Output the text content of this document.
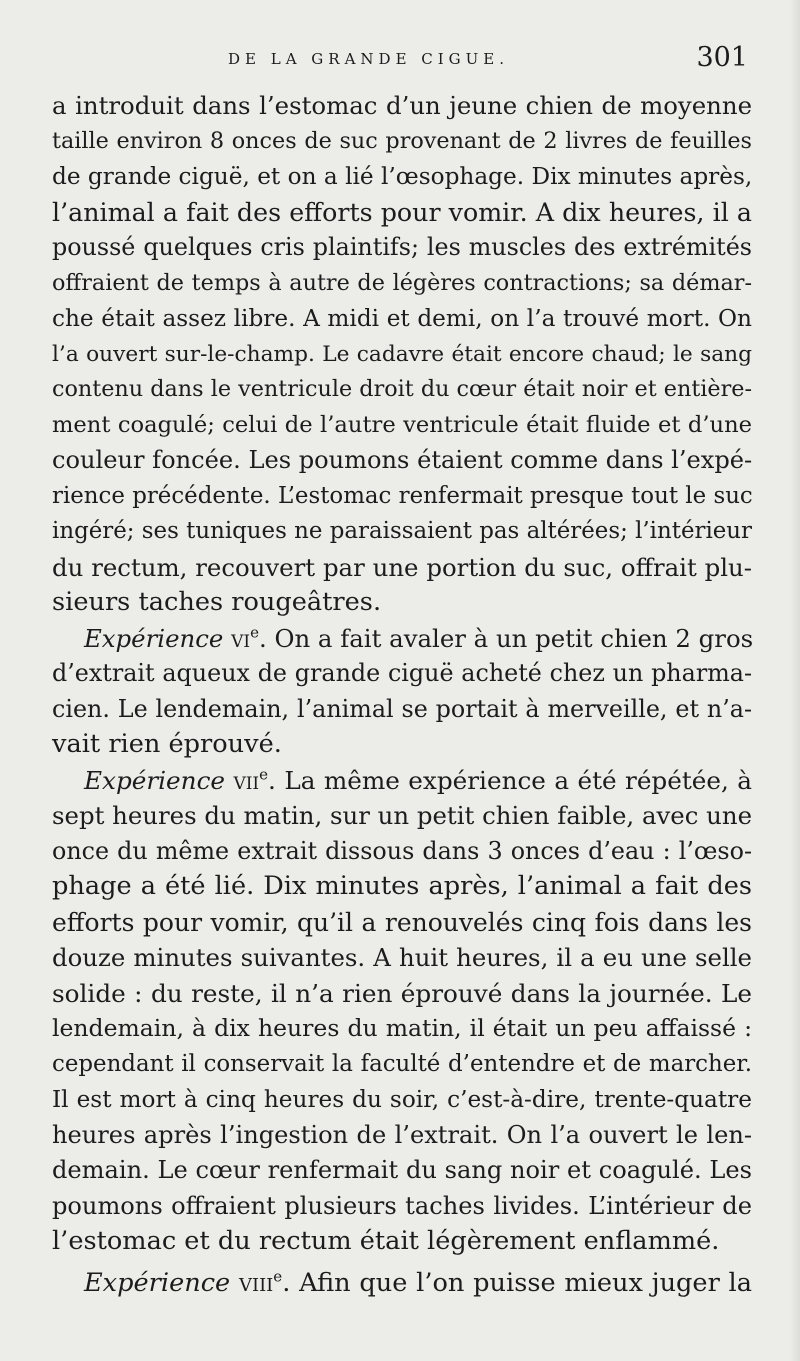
DE LA GRANDE CIGUE.	301
a introduit dans l’estomac d’un jeune chien de moyenne
taille environ 8 onces de suc provenant de 2 livres de feuilles
de grande ciguë, et on a lié l’œsophage. Dix minutes après,
l’animal a fait des efforts pour vomir. A dix heures, il a
poussé quelques cris plaintifs; les muscles des extrémités
offraient de temps à autre de légères contractions; sa démar-
che était assez libre. A midi et demi, on l’a trouvé mort. On
l’a ouvert sur-le-champ. Le cadavre était encore chaud; le sang
contenu dans le ventricule droit du cœur était noir et entière-
ment coagulé; celui de l’autre ventricule était fluide et d’une
couleur foncée. Les poumons étaient comme dans l’expé-
rience précédente. L’estomac renfermait presque tout le suc
ingéré; ses tuniques ne paraissaient pas altérées; l’intérieur
du rectum, recouvert par une portion du suc, offrait plu-
sieurs taches rougeâtres.
Expérience $vi^e$. On a fait avaler à un petit chien 2 gros
d’extrait aqueux de grande ciguë acheté chez un pharma-
cien. Le lendemain, l’animal se portait à merveille, et n’a-
vait rien éprouvé.
Expérience vii$^e$. La même expérience a été répétée, à
sept heures du matin, sur un petit chien faible, avec une
once du même extrait dissous dans 3 onces d’eau : l’œso-
phage a été lié. Dix minutes après, l’animal a fait des
efforts pour vomir, qu’il a renouvelés cinq fois dans les
douze minutes suivantes. A huit heures, il a eu une selle
solide : du reste, il n’a rien éprouvé dans la journée. Le
lendemain, à dix heures du matin, il était un peu affaissé :
cependant il conservait la faculté d’entendre et de marcher.
Il est mort à cinq heures du soir, c’est-à-dire, trente-quatre
heures après l’ingestion de l’extrait. On l’a ouvert le len-
demain. Le cœur renfermait du sang noir et coagulé. Les
poumons offraient plusieurs taches livides. L’intérieur de
l’estomac et du rectum était légèrement enflammé.
Expérience viii$^e$. Afin que l’on puisse mieux juger la
